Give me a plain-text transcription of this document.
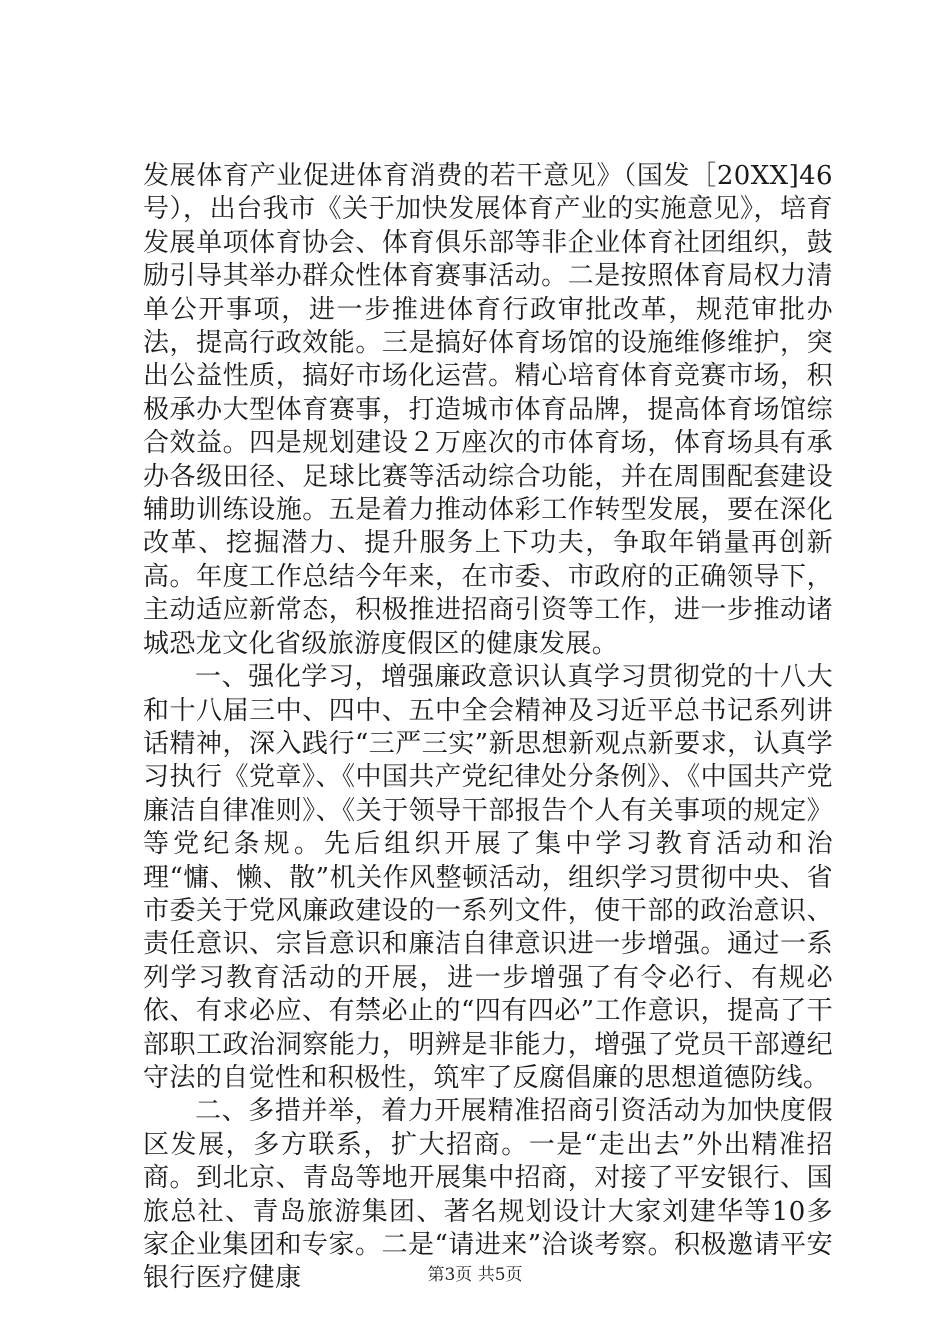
发展体育产业促进体育消费的若干意见》（国发［20XX]46号），出台我市《关于加快发展体育产业的实施意见》，培育发展单项体育协会、体育俱乐部等非企业体育社团组织，鼓励引导其举办群众性体育赛事活动。二是按照体育局权力清单公开事项，进一步推进体育行政审批改革，规范审批办法，提高行政效能。三是搞好体育场馆的设施维修维护，突出公益性质，搞好市场化运营。精心培育体育竞赛市场，积极承办大型体育赛事，打造城市体育品牌，提高体育场馆综合效益。四是规划建设２万座次的市体育场，体育场具有承办各级田径、足球比赛等活动综合功能，并在周围配套建设辅助训练设施。五是着力推动体彩工作转型发展，要在深化改革、挖掘潜力、提升服务上下功夫，争取年销量再创新高。年度工作总结今年来，在市委、市政府的正确领导下，主动适应新常态，积极推进招商引资等工作，进一步推动诸城恐龙文化省级旅游度假区的健康发展。

一、强化学习，增强廉政意识认真学习贯彻党的十八大和十八届三中、四中、五中全会精神及习近平总书记系列讲话精神，深入践行“三严三实”新思想新观点新要求，认真学习执行《党章》、《中国共产党纪律处分条例》、《中国共产党廉洁自律准则》、《关于领导干部报告个人有关事项的规定》等党纪条规。先后组织开展了集中学习教育活动和治理“慵、懒、散”机关作风整顿活动，组织学习贯彻中央、省市委关于党风廉政建设的一系列文件，使干部的政治意识、责任意识、宗旨意识和廉洁自律意识进一步增强。通过一系列学习教育活动的开展，进一步增强了有令必行、有规必依、有求必应、有禁必止的“四有四必”工作意识，提高了干部职工政治洞察能力，明辨是非能力，增强了党员干部遵纪守法的自觉性和积极性，筑牢了反腐倡廉的思想道德防线。

二、多措并举，着力开展精准招商引资活动为加快度假区发展，多方联系，扩大招商。一是“走出去”外出精准招商。到北京、青岛等地开展集中招商，对接了平安银行、国旅总社、青岛旅游集团、著名规划设计大家刘建华等10多家企业集团和专家。二是“请进来”洽谈考察。积极邀请平安银行医疗健康	第3页 共5页
